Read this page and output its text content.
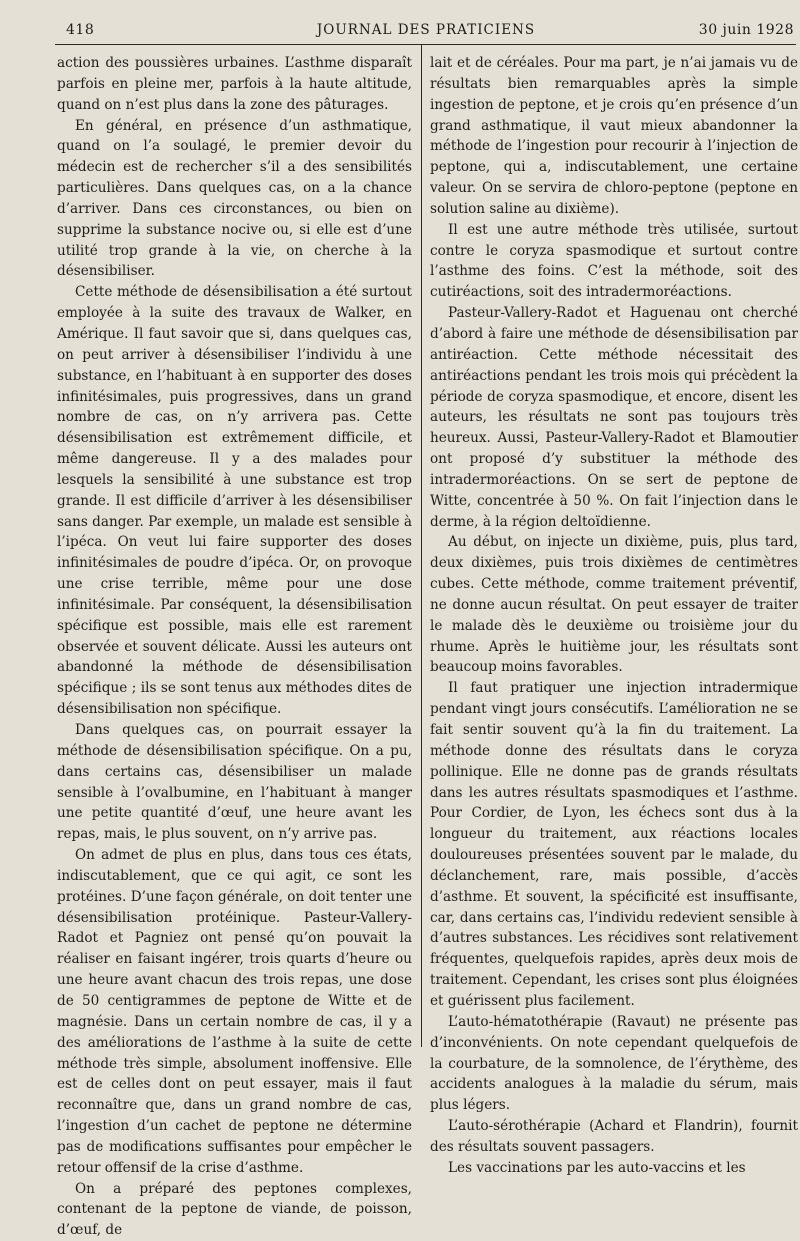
418	JOURNAL DES PRATICIENS	30 juin 1928

action des poussières urbaines. L’asthme disparaît parfois en pleine mer, parfois à la haute altitude, quand on n’est plus dans la zone des pâturages.

En général, en présence d’un asthmatique, quand on l’a soulagé, le premier devoir du médecin est de rechercher s’il a des sensibilités particulières. Dans quelques cas, on a la chance d’arriver. Dans ces circonstances, ou bien on supprime la substance nocive ou, si elle est d’une utilité trop grande à la vie, on cherche à la désensibiliser.

Cette méthode de désensibilisation a été surtout employée à la suite des travaux de Walker, en Amérique. Il faut savoir que si, dans quelques cas, on peut arriver à désensibiliser l’individu à une substance, en l’habituant à en supporter des doses infinitésimales, puis progressives, dans un grand nombre de cas, on n’y arrivera pas. Cette désensibilisation est extrêmement difficile, et même dangereuse. Il y a des malades pour lesquels la sensibilité à une substance est trop grande. Il est difficile d’arriver à les désensibiliser sans danger. Par exemple, un malade est sensible à l’ipéca. On veut lui faire supporter des doses infinitésimales de poudre d’ipéca. Or, on provoque une crise terrible, même pour une dose infinitésimale. Par conséquent, la désensibilisation spécifique est possible, mais elle est rarement observée et souvent délicate. Aussi les auteurs ont abandonné la méthode de désensibilisation spécifique ; ils se sont tenus aux méthodes dites de désensibilisation non spécifique.

Dans quelques cas, on pourrait essayer la méthode de désensibilisation spécifique. On a pu, dans certains cas, désensibiliser un malade sensible à l’ovalbumine, en l’habituant à manger une petite quantité d’œuf, une heure avant les repas, mais, le plus souvent, on n’y arrive pas.

On admet de plus en plus, dans tous ces états, indiscutablement, que ce qui agit, ce sont les protéines. D’une façon générale, on doit tenter une désensibilisation protéinique. Pasteur-Vallery-Radot et Pagniez ont pensé qu’on pouvait la réaliser en faisant ingérer, trois quarts d’heure ou une heure avant chacun des trois repas, une dose de 50 centigrammes de peptone de Witte et de magnésie. Dans un certain nombre de cas, il y a des améliorations de l’asthme à la suite de cette méthode très simple, absolument inoffensive. Elle est de celles dont on peut essayer, mais il faut reconnaître que, dans un grand nombre de cas, l’ingestion d’un cachet de peptone ne détermine pas de modifications suffisantes pour empêcher le retour offensif de la crise d’asthme.

On a préparé des peptones complexes, contenant de la peptone de viande, de poisson, d’œuf, de

lait et de céréales. Pour ma part, je n’ai jamais vu de résultats bien remarquables après la simple ingestion de peptone, et je crois qu’en présence d’un grand asthmatique, il vaut mieux abandonner la méthode de l’ingestion pour recourir à l’injection de peptone, qui a, indiscutablement, une certaine valeur. On se servira de chloro-peptone (peptone en solution saline au dixième).

Il est une autre méthode très utilisée, surtout contre le coryza spasmodique et surtout contre l’asthme des foins. C’est la méthode, soit des cutiréactions, soit des intradermoréactions.

Pasteur-Vallery-Radot et Haguenau ont cherché d’abord à faire une méthode de désensibilisation par antiréaction. Cette méthode nécessitait des antiréactions pendant les trois mois qui précèdent la période de coryza spasmodique, et encore, disent les auteurs, les résultats ne sont pas toujours très heureux. Aussi, Pasteur-Vallery-Radot et Blamoutier ont proposé d’y substituer la méthode des intradermoréactions. On se sert de peptone de Witte, concentrée à 50 %. On fait l’injection dans le derme, à la région deltoïdienne.

Au début, on injecte un dixième, puis, plus tard, deux dixièmes, puis trois dixièmes de centimètres cubes. Cette méthode, comme traitement préventif, ne donne aucun résultat. On peut essayer de traiter le malade dès le deuxième ou troisième jour du rhume. Après le huitième jour, les résultats sont beaucoup moins favorables.

Il faut pratiquer une injection intradermique pendant vingt jours consécutifs. L’amélioration ne se fait sentir souvent qu’à la fin du traitement. La méthode donne des résultats dans le coryza pollinique. Elle ne donne pas de grands résultats dans les autres résultats spasmodiques et l’asthme. Pour Cordier, de Lyon, les échecs sont dus à la longueur du traitement, aux réactions locales douloureuses présentées souvent par le malade, du déclanchement, rare, mais possible, d’accès d’asthme. Et souvent, la spécificité est insuffisante, car, dans certains cas, l’individu redevient sensible à d’autres substances. Les récidives sont relativement fréquentes, quelquefois rapides, après deux mois de traitement. Cependant, les crises sont plus éloignées et guérissent plus facilement.

L’auto-hématothérapie (Ravaut) ne présente pas d’inconvénients. On note cependant quelquefois de la courbature, de la somnolence, de l’érythème, des accidents analogues à la maladie du sérum, mais plus légers.

L’auto-sérothérapie (Achard et Flandrin), fournit des résultats souvent passagers.

Les vaccinations par les auto-vaccins et les
